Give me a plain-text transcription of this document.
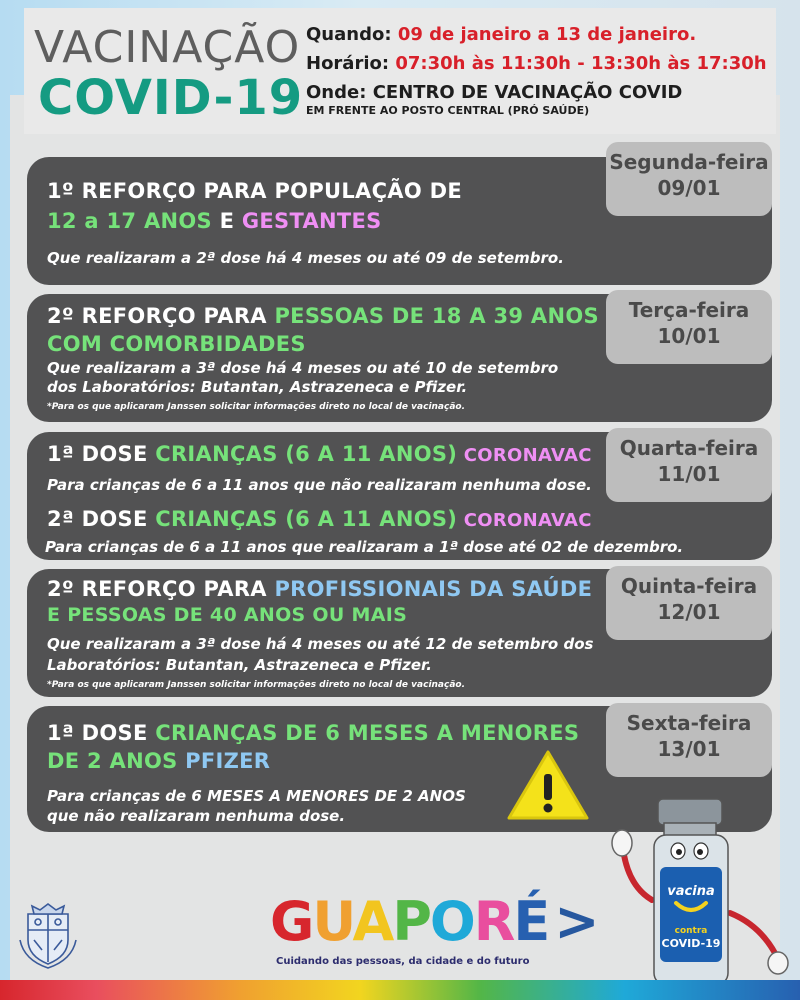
VACINAÇÃO
COVID-19
Quando: 09 de janeiro a 13 de janeiro.
Horário: 07:30h às 11:30h - 13:30h às 17:30h
Onde: CENTRO DE VACINAÇÃO COVID
EM FRENTE AO POSTO CENTRAL (PRÓ SAÚDE)
1º REFORÇO PARA POPULAÇÃO DE
12 a 17 ANOS E GESTANTES
Que realizaram a 2ª dose há 4 meses ou até 09 de setembro.
Segunda-feira
09/01
2º REFORÇO PARA PESSOAS DE 18 A 39 ANOS
COM COMORBIDADES
Que realizaram a 3ª dose há 4 meses ou até 10 de setembro
dos Laboratórios: Butantan, Astrazeneca e Pfizer.
*Para os que aplicaram Janssen solicitar informações direto no local de vacinação.
Terça-feira
10/01
1ª DOSE CRIANÇAS (6 A 11 ANOS) CORONAVAC
Para crianças de 6 a 11 anos que não realizaram nenhuma dose.
2ª DOSE CRIANÇAS (6 A 11 ANOS) CORONAVAC
Para crianças de 6 a 11 anos que realizaram a 1ª dose até 02 de dezembro.
Quarta-feira
11/01
2º REFORÇO PARA PROFISSIONAIS DA SAÚDE
E PESSOAS DE 40 ANOS OU MAIS
Que realizaram a 3ª dose há 4 meses ou até 12 de setembro dos
Laboratórios: Butantan, Astrazeneca e Pfizer.
*Para os que aplicaram Janssen solicitar informações direto no local de vacinação.
Quinta-feira
12/01
1ª DOSE CRIANÇAS DE 6 MESES A MENORES
DE 2 ANOS PFIZER
Para crianças de 6 MESES A MENORES DE 2 ANOS
que não realizaram nenhuma dose.
Sexta-feira
13/01
GUAPORÉ >
Cuidando das pessoas, da cidade e do futuro
vacina
contra
COVID-19
